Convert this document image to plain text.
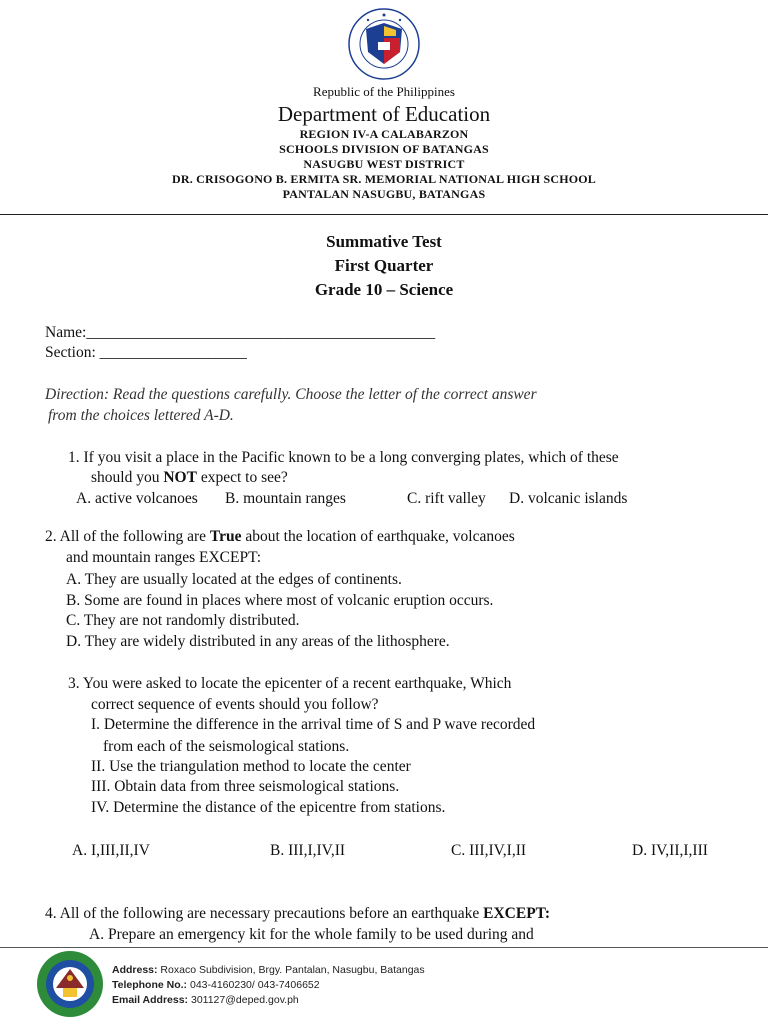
Republic of the Philippines
Department of Education
REGION IV-A CALABARZON
SCHOOLS DIVISION OF BATANGAS
NASUGBU WEST DISTRICT
DR. CRISOGONO B. ERMITA SR. MEMORIAL NATIONAL HIGH SCHOOL
PANTALAN NASUGBU, BATANGAS
Summative Test
First Quarter
Grade 10 – Science
Name:_____________________________________________
Section: ___________________
Direction: Read the questions carefully. Choose the letter of the correct answer
from the choices lettered A-D.
1. If you visit a place in the Pacific known to be a long converging plates, which of these
should you NOT expect to see?
A. active volcanoes B. mountain ranges	C. rift valley D. volcanic islands
2. All of the following are True about the location of earthquake, volcanoes
and mountain ranges EXCEPT:
A. They are usually located at the edges of continents.
B. Some are found in places where most of volcanic eruption occurs.
C. They are not randomly distributed.
D. They are widely distributed in any areas of the lithosphere.
3. You were asked to locate the epicenter of a recent earthquake, Which
correct sequence of events should you follow?
I. Determine the difference in the arrival time of S and P wave recorded
from each of the seismological stations.
II. Use the triangulation method to locate the center
III. Obtain data from three seismological stations.
IV. Determine the distance of the epicentre from stations.
A. I,III,II,IV	B. III,I,IV,II	C. III,IV,I,II	D. IV,II,I,III
4. All of the following are necessary precautions before an earthquake EXCEPT:
A. Prepare an emergency kit for the whole family to be used during and
Address: Roxaco Subdivision, Brgy. Pantalan, Nasugbu, Batangas
Telephone No.: 043-4160230/ 043-7406652
Email Address: 301127@deped.gov.ph
